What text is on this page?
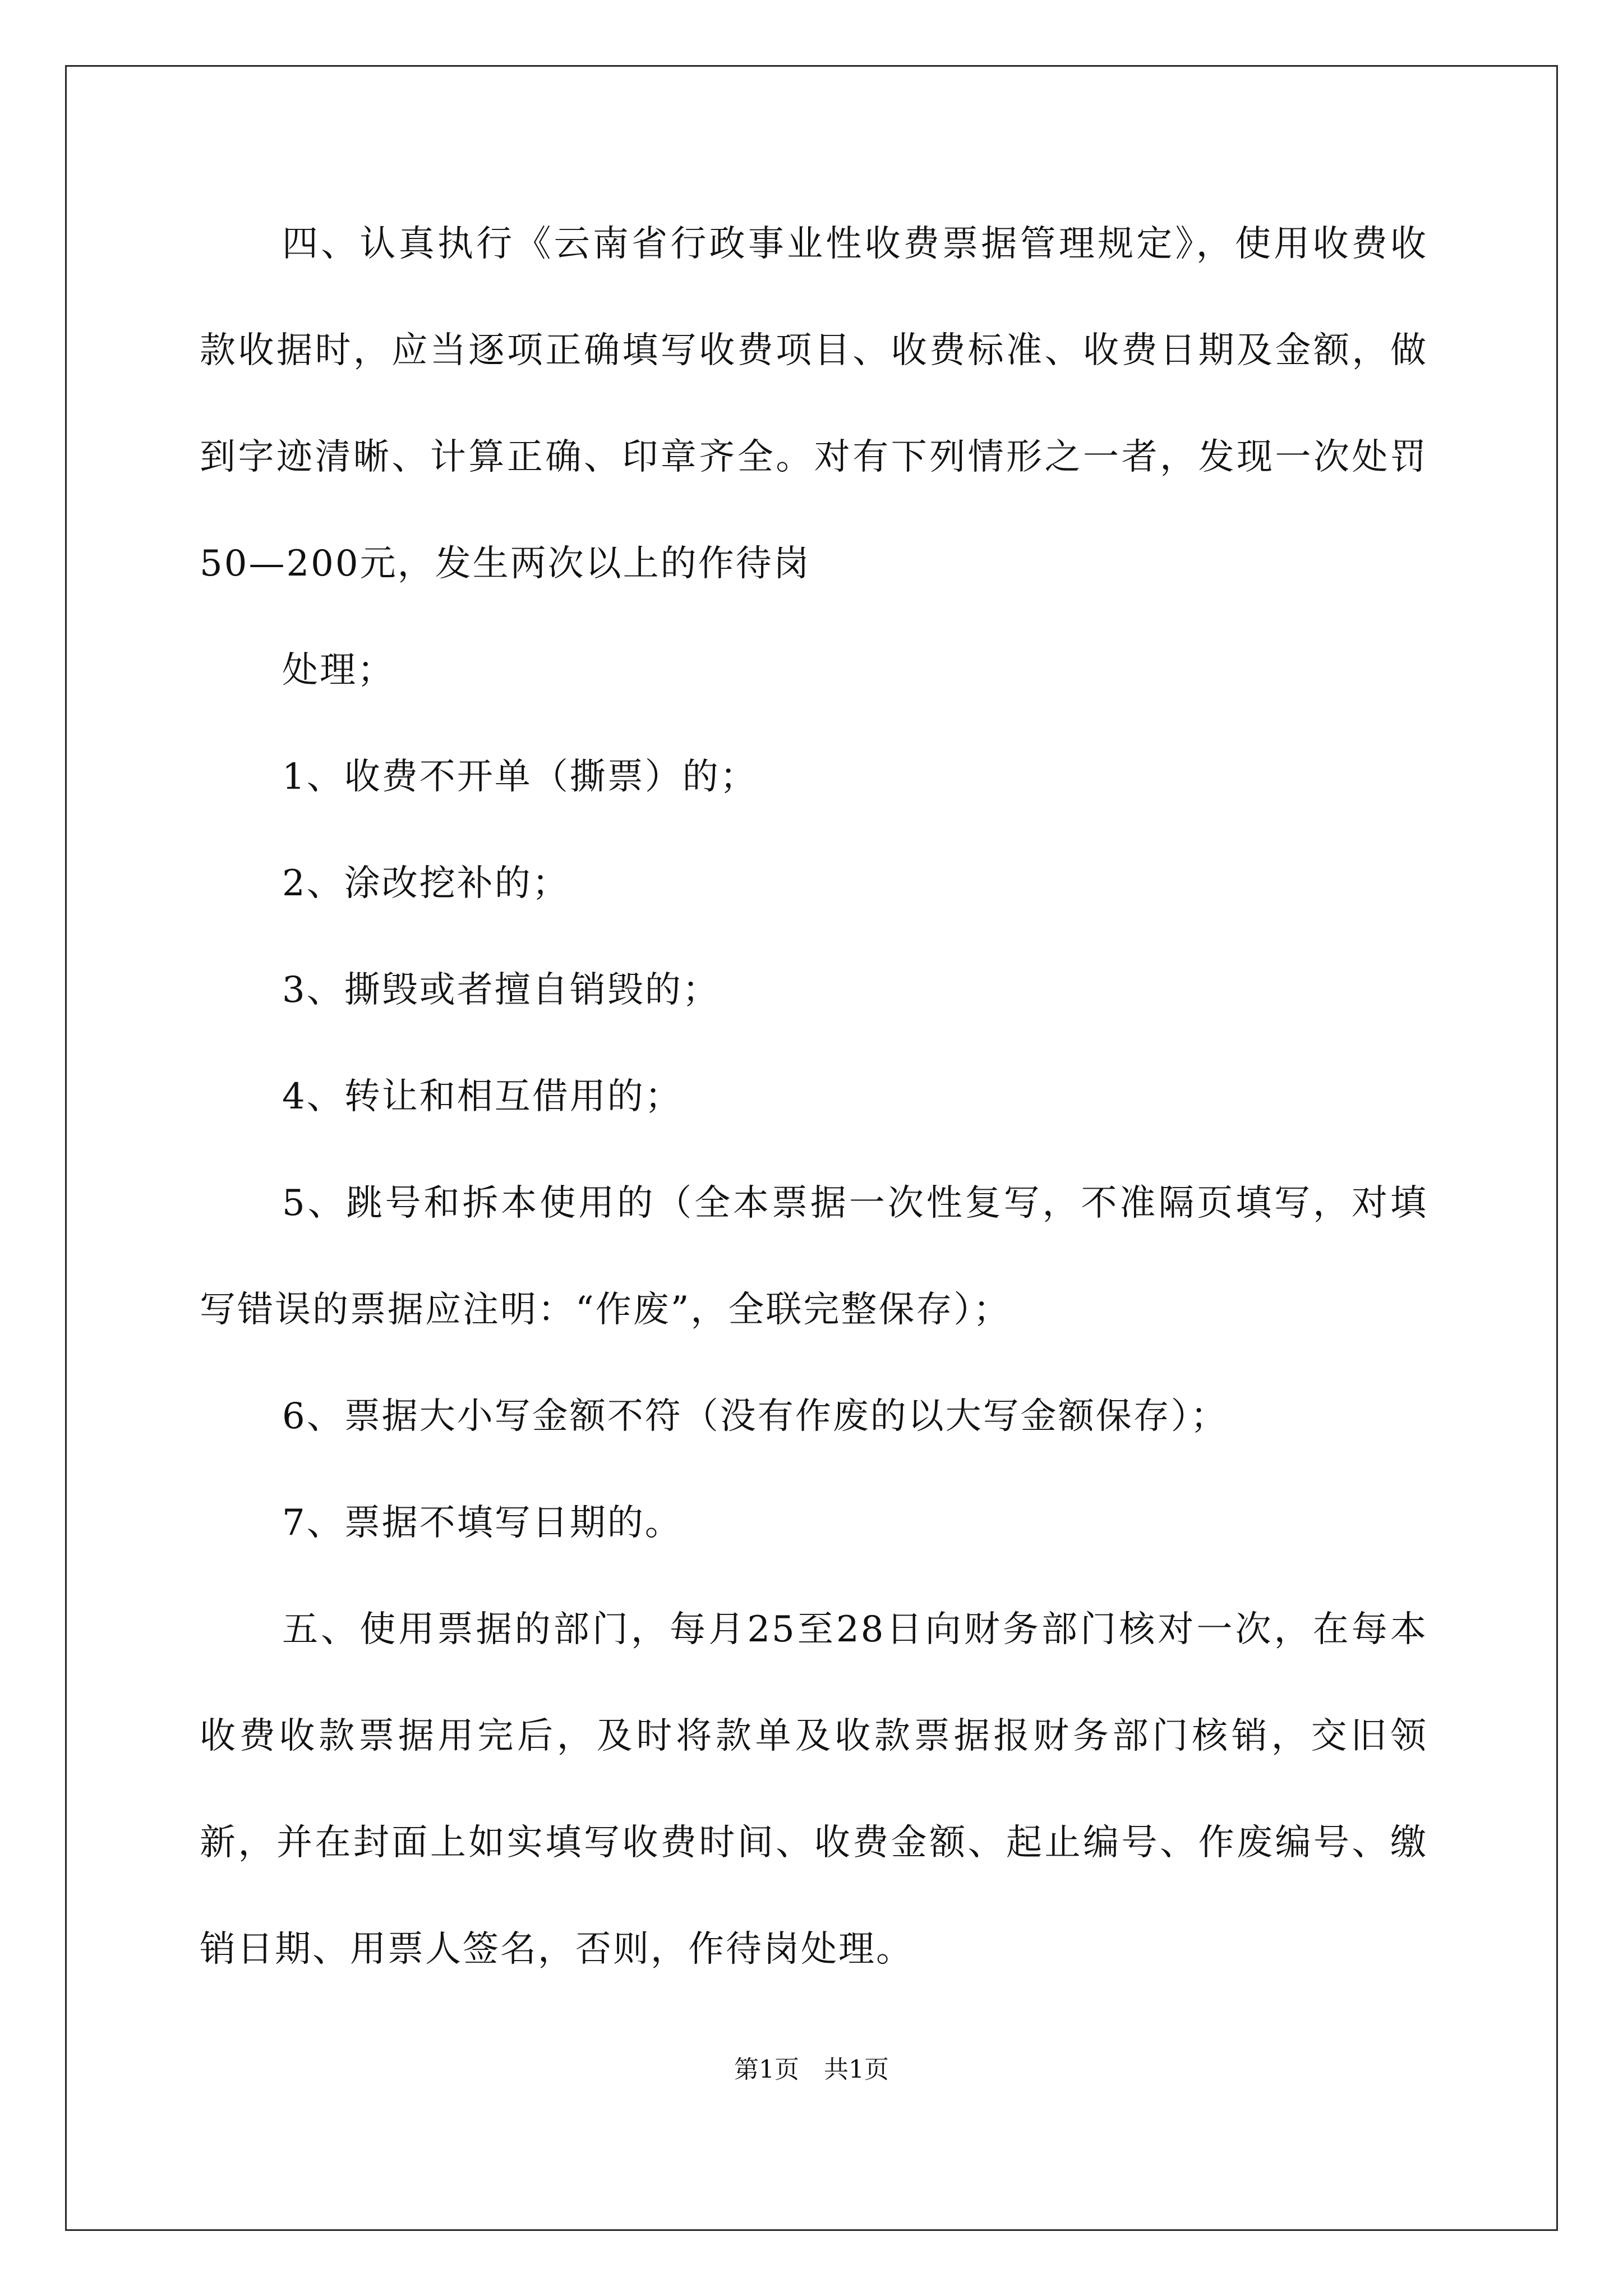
四、认真执行《云南省行政事业性收费票据管理规定》，使用收费收款收据时，应当逐项正确填写收费项目、收费标准、收费日期及金额，做到字迹清晰、计算正确、印章齐全。对有下列情形之一者，发现一次处罚50—200元，发生两次以上的作待岗

处理；

1、收费不开单（撕票）的；

2、涂改挖补的；

3、撕毁或者擅自销毁的；

4、转让和相互借用的；

5、跳号和拆本使用的（全本票据一次性复写，不准隔页填写，对填写错误的票据应注明：“作废”，全联完整保存）；

6、票据大小写金额不符（没有作废的以大写金额保存）；

7、票据不填写日期的。

五、使用票据的部门，每月25至28日向财务部门核对一次，在每本收费收款票据用完后，及时将款单及收款票据报财务部门核销，交旧领新，并在封面上如实填写收费时间、收费金额、起止编号、作废编号、缴销日期、用票人签名，否则，作待岗处理。

第1页　共1页
